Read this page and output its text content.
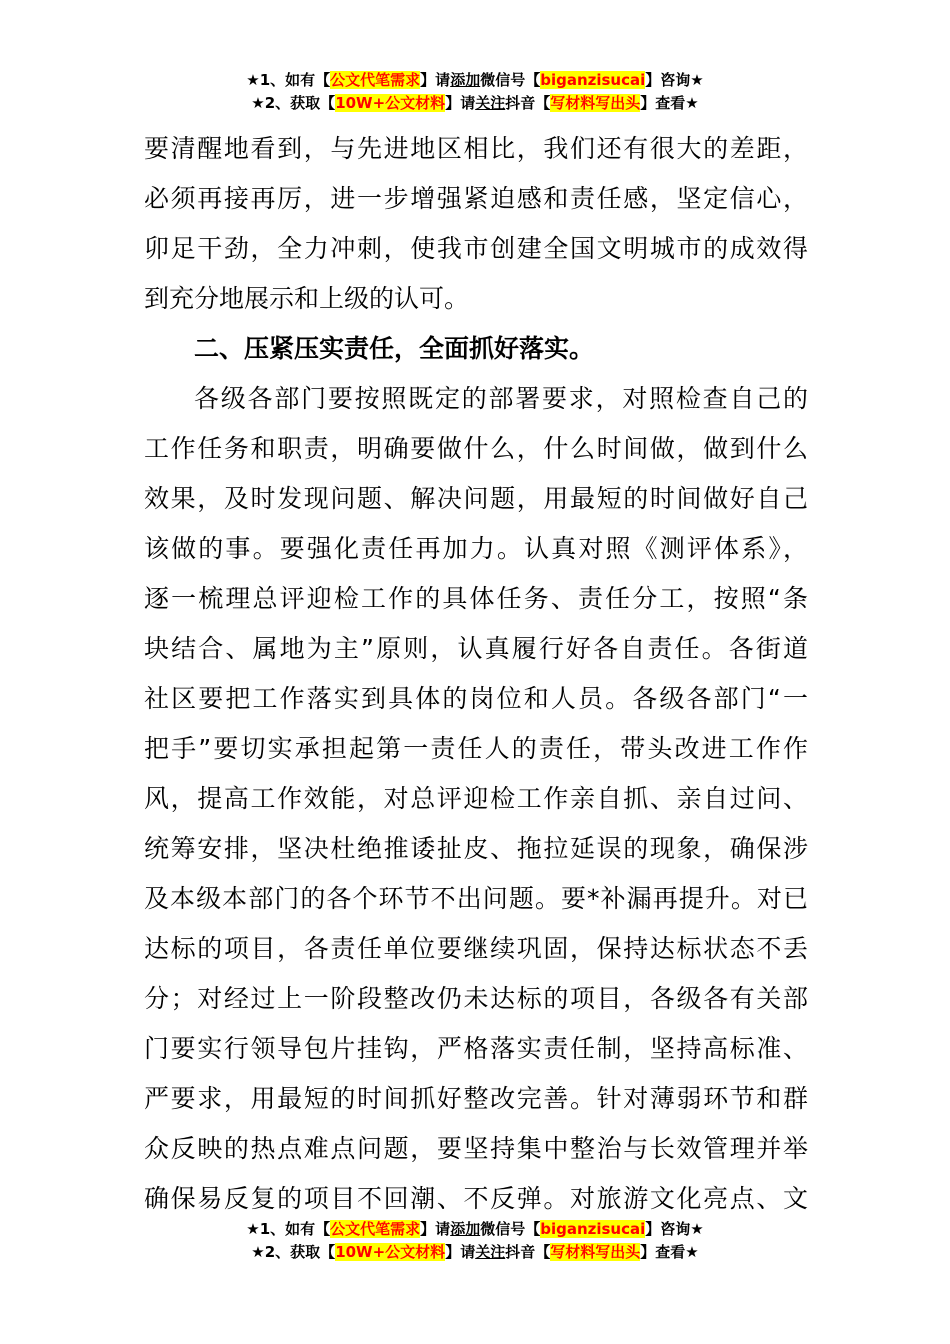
★1、如有【公文代笔需求】请添加微信号【biganzisucai】咨询★
★2、获取【10W+公文材料】请关注抖音【写材料写出头】查看★
要清醒地看到，与先进地区相比，我们还有很大的差距，
必须再接再厉，进一步增强紧迫感和责任感，坚定信心，
卯足干劲，全力冲刺，使我市创建全国文明城市的成效得
到充分地展示和上级的认可。
二、压紧压实责任，全面抓好落实。
各级各部门要按照既定的部署要求，对照检查自己的
工作任务和职责，明确要做什么，什么时间做，做到什么
效果，及时发现问题、解决问题，用最短的时间做好自己
该做的事。要强化责任再加力。认真对照《测评体系》，
逐一梳理总评迎检工作的具体任务、责任分工，按照“条
块结合、属地为主”原则，认真履行好各自责任。各街道
社区要把工作落实到具体的岗位和人员。各级各部门“一
把手”要切实承担起第一责任人的责任，带头改进工作作
风，提高工作效能，对总评迎检工作亲自抓、亲自过问、
统筹安排，坚决杜绝推诿扯皮、拖拉延误的现象，确保涉
及本级本部门的各个环节不出问题。要*补漏再提升。对已
达标的项目，各责任单位要继续巩固，保持达标状态不丢
分；对经过上一阶段整改仍未达标的项目，各级各有关部
门要实行领导包片挂钩，严格落实责任制，坚持高标准、
严要求，用最短的时间抓好整改完善。针对薄弱环节和群
众反映的热点难点问题，要坚持集中整治与长效管理并举
确保易反复的项目不回潮、不反弹。对旅游文化亮点、文
★1、如有【公文代笔需求】请添加微信号【biganzisucai】咨询★
★2、获取【10W+公文材料】请关注抖音【写材料写出头】查看★
